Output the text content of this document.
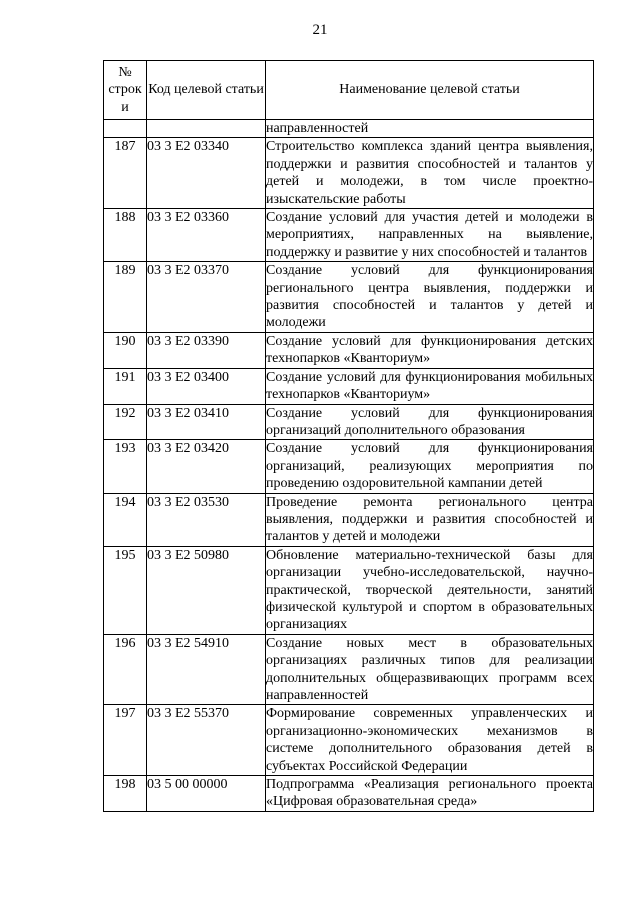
21
№ строк и	Код целевой статьи	Наименование целевой статьи

		направленностей

187	03 3 E2 03340	Строительство комплекса зданий центра выявления, поддержки и развития способностей и талантов у детей и молодежи, в том числе проектно-изыскательские работы

188	03 3 E2 03360	Создание условий для участия детей и молодежи в мероприятиях, направленных на выявление, поддержку и развитие у них способностей и талантов

189	03 3 E2 03370	Создание условий для функционирования регионального центра выявления, поддержки и развития способностей и талантов у детей и молодежи

190	03 3 E2 03390	Создание условий для функционирования детских технопарков «Кванториум»

191	03 3 E2 03400	Создание условий для функционирования мобильных технопарков «Кванториум»

192	03 3 E2 03410	Создание условий для функционирования организаций дополнительного образования

193	03 3 E2 03420	Создание условий для функционирования организаций, реализующих мероприятия по проведению оздоровительной кампании детей

194	03 3 E2 03530	Проведение ремонта регионального центра выявления, поддержки и развития способностей и талантов у детей и молодежи

195	03 3 E2 50980	Обновление материально-технической базы для организации учебно-исследовательской, научно-практической, творческой деятельности, занятий физической культурой и спортом в образовательных организациях

196	03 3 E2 54910	Создание новых мест в образовательных организациях различных типов для реализации дополнительных общеразвивающих программ всех направленностей

197	03 3 E2 55370	Формирование современных управленческих и организационно-экономических механизмов в системе дополнительного образования детей в субъектах Российской Федерации

198	03 5 00 00000	Подпрограмма «Реализация регионального проекта «Цифровая образовательная среда»
